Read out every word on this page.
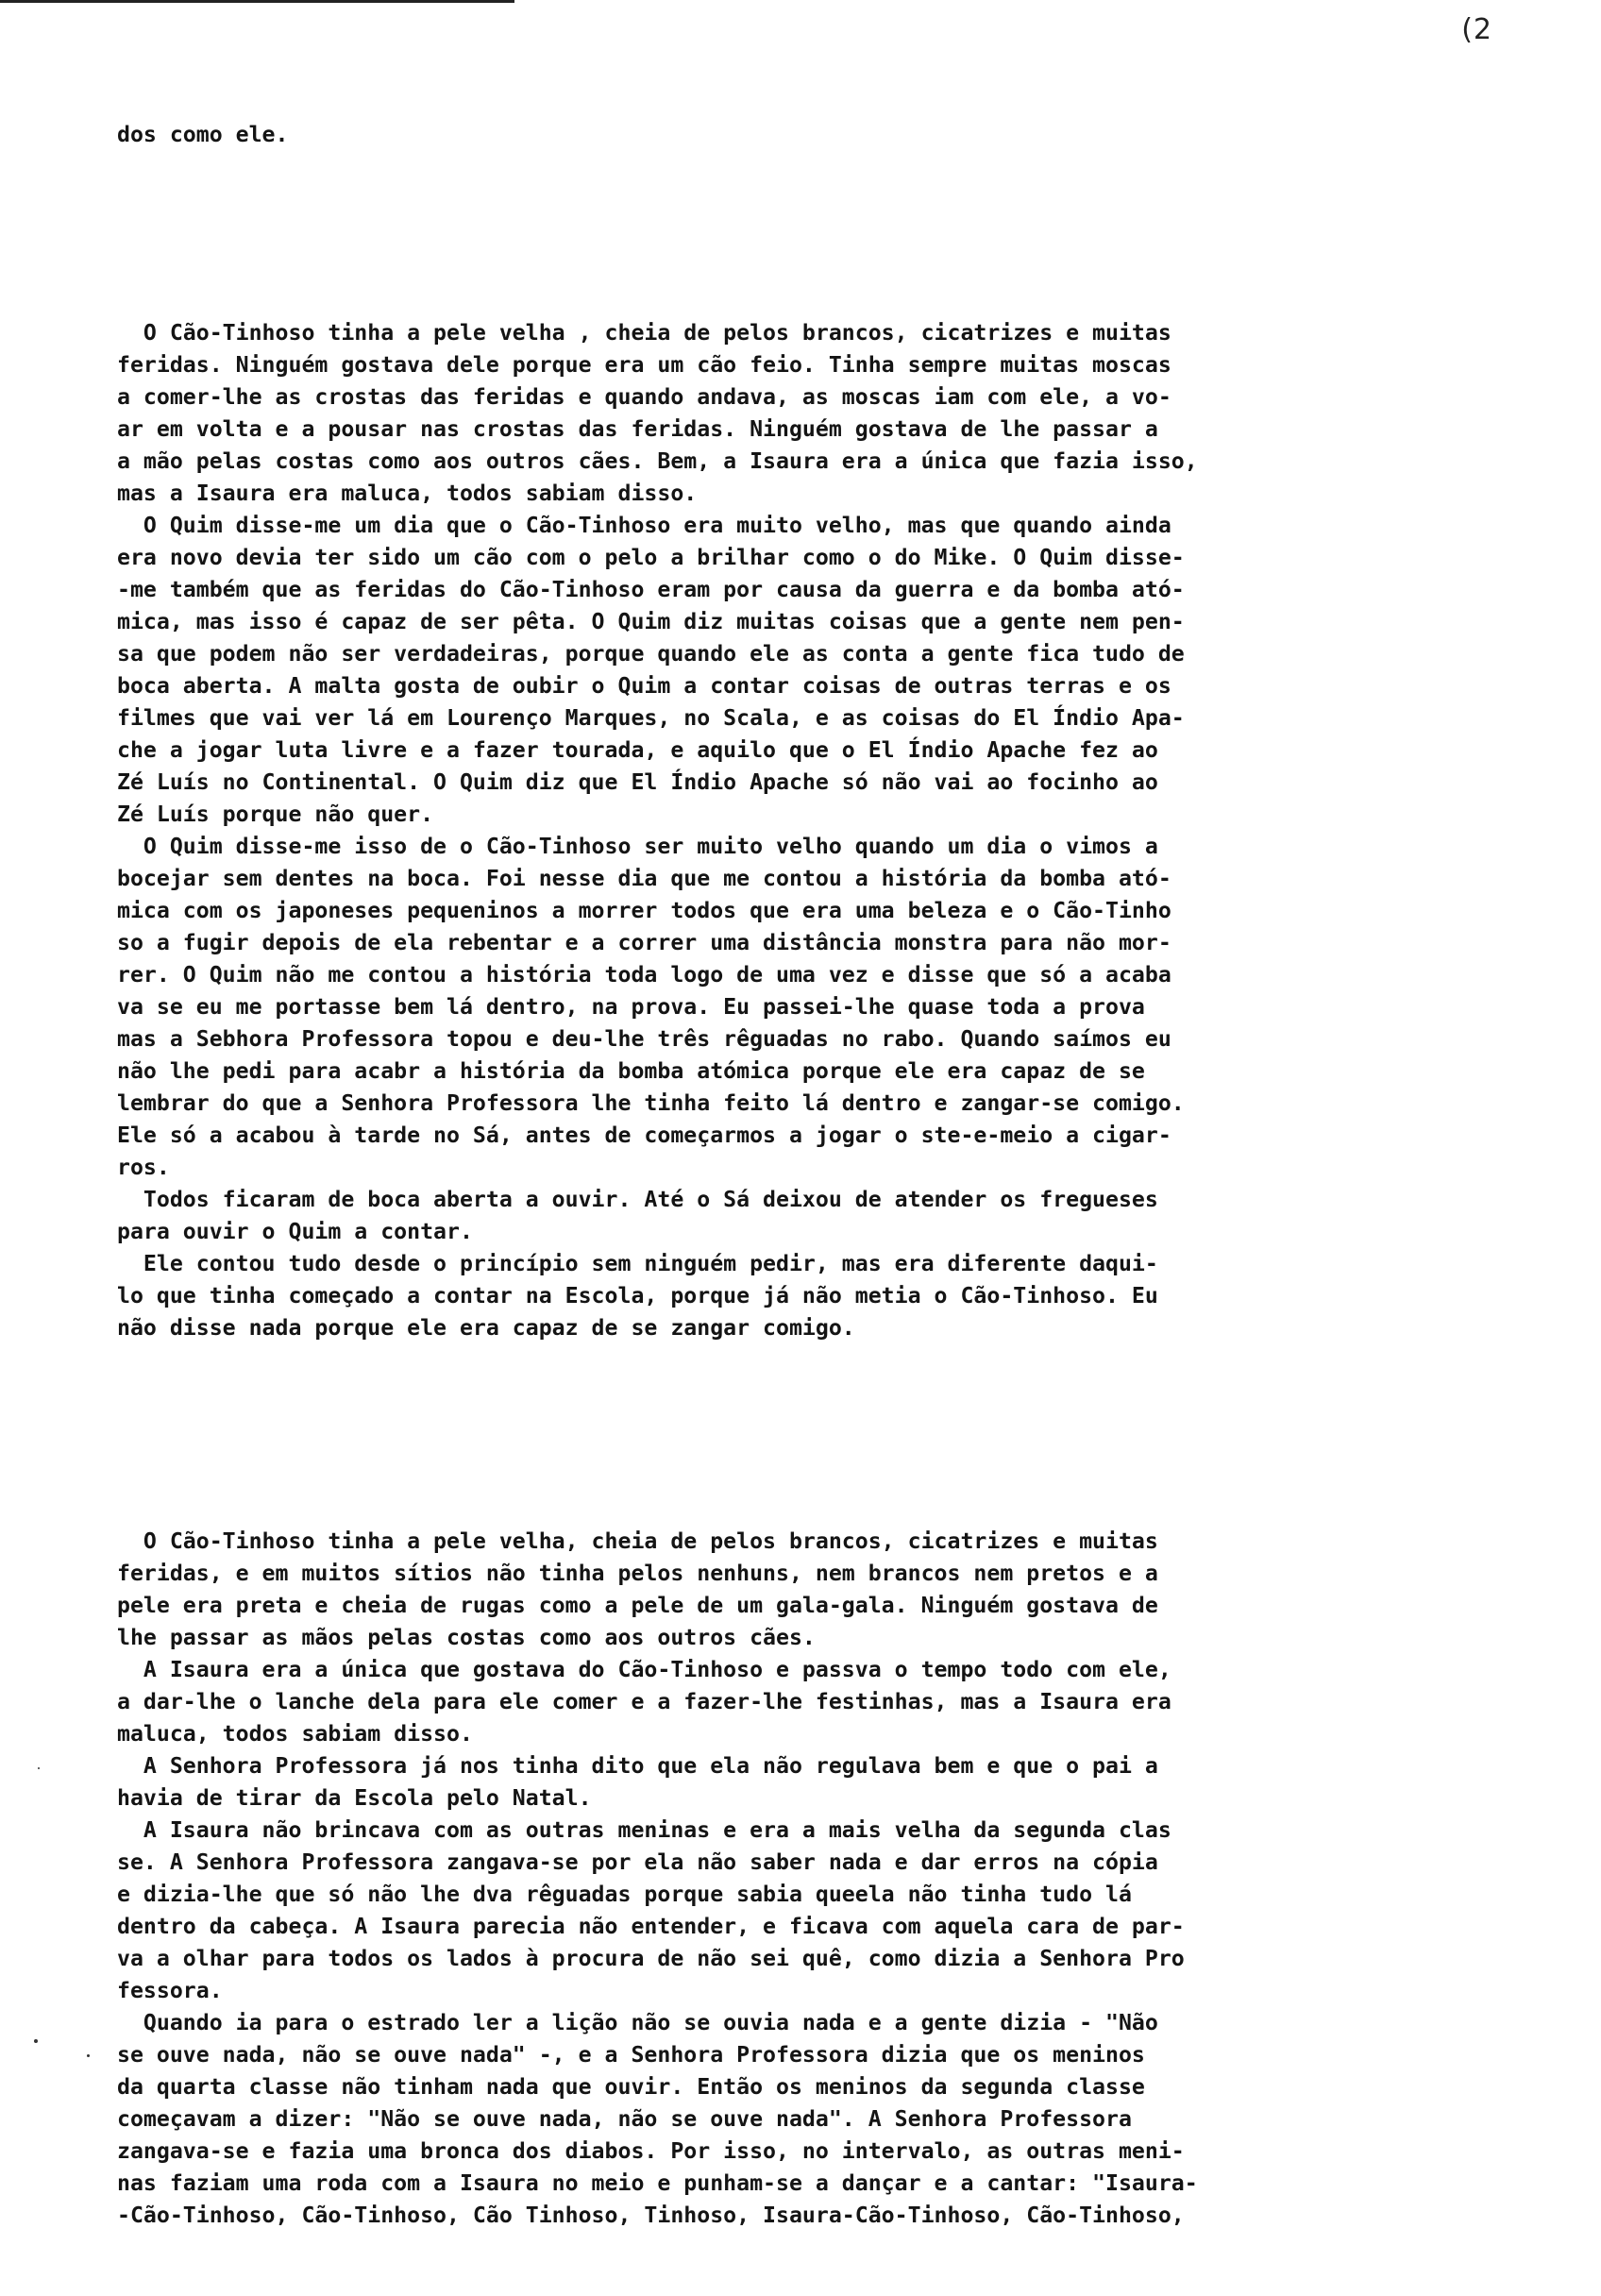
(2

dos como ele.

O Cão-Tinhoso tinha a pele velha , cheia de pelos brancos, cicatrizes e muitas
feridas. Ninguém gostava dele porque era um cão feio. Tinha sempre muitas moscas
a comer-lhe as crostas das feridas e quando andava, as moscas iam com ele, a vo-
ar em volta e a pousar nas crostas das feridas. Ninguém gostava de lhe passar a
a mão pelas costas como aos outros cães. Bem, a Isaura era a única que fazia isso,
mas a Isaura era maluca, todos sabiam disso.
O Quim disse-me um dia que o Cão-Tinhoso era muito velho, mas que quando ainda
era novo devia ter sido um cão com o pelo a brilhar como o do Mike. O Quim disse-
-me também que as feridas do Cão-Tinhoso eram por causa da guerra e da bomba ató-
mica, mas isso é capaz de ser pêta. O Quim diz muitas coisas que a gente nem pen-
sa que podem não ser verdadeiras, porque quando ele as conta a gente fica tudo de
boca aberta. A malta gosta de oubir o Quim a contar coisas de outras terras e os
filmes que vai ver lá em Lourenço Marques, no Scala, e as coisas do El Índio Apa-
che a jogar luta livre e a fazer tourada, e aquilo que o El Índio Apache fez ao
Zé Luís no Continental. O Quim diz que El Índio Apache só não vai ao focinho ao
Zé Luís porque não quer.
O Quim disse-me isso de o Cão-Tinhoso ser muito velho quando um dia o vimos a
bocejar sem dentes na boca. Foi nesse dia que me contou a história da bomba ató-
mica com os japoneses pequeninos a morrer todos que era uma beleza e o Cão-Tinho
so a fugir depois de ela rebentar e a correr uma distância monstra para não mor-
rer. O Quim não me contou a história toda logo de uma vez e disse que só a acaba
va se eu me portasse bem lá dentro, na prova. Eu passei-lhe quase toda a prova
mas a Sebhora Professora topou e deu-lhe três rêguadas no rabo. Quando saímos eu
não lhe pedi para acabr a história da bomba atómica porque ele era capaz de se
lembrar do que a Senhora Professora lhe tinha feito lá dentro e zangar-se comigo.
Ele só a acabou à tarde no Sá, antes de começarmos a jogar o ste-e-meio a cigar-
ros.
Todos ficaram de boca aberta a ouvir. Até o Sá deixou de atender os fregueses
para ouvir o Quim a contar.
Ele contou tudo desde o princípio sem ninguém pedir, mas era diferente daqui-
lo que tinha começado a contar na Escola, porque já não metia o Cão-Tinhoso. Eu
não disse nada porque ele era capaz de se zangar comigo.

O Cão-Tinhoso tinha a pele velha, cheia de pelos brancos, cicatrizes e muitas
feridas, e em muitos sítios não tinha pelos nenhuns, nem brancos nem pretos e a
pele era preta e cheia de rugas como a pele de um gala-gala. Ninguém gostava de
lhe passar as mãos pelas costas como aos outros cães.
A Isaura era a única que gostava do Cão-Tinhoso e passva o tempo todo com ele,
a dar-lhe o lanche dela para ele comer e a fazer-lhe festinhas, mas a Isaura era
maluca, todos sabiam disso.
A Senhora Professora já nos tinha dito que ela não regulava bem e que o pai a
havia de tirar da Escola pelo Natal.
A Isaura não brincava com as outras meninas e era a mais velha da segunda clas
se. A Senhora Professora zangava-se por ela não saber nada e dar erros na cópia
e dizia-lhe que só não lhe dva rêguadas porque sabia queela não tinha tudo lá
dentro da cabeça. A Isaura parecia não entender, e ficava com aquela cara de par-
va a olhar para todos os lados à procura de não sei quê, como dizia a Senhora Pro
fessora.
Quando ia para o estrado ler a lição não se ouvia nada e a gente dizia - "Não
se ouve nada, não se ouve nada" -, e a Senhora Professora dizia que os meninos
da quarta classe não tinham nada que ouvir. Então os meninos da segunda classe
começavam a dizer: "Não se ouve nada, não se ouve nada". A Senhora Professora
zangava-se e fazia uma bronca dos diabos. Por isso, no intervalo, as outras meni-
nas faziam uma roda com a Isaura no meio e punham-se a dançar e a cantar: "Isaura-
-Cão-Tinhoso, Cão-Tinhoso, Cão Tinhoso, Tinhoso, Isaura-Cão-Tinhoso, Cão-Tinhoso,
